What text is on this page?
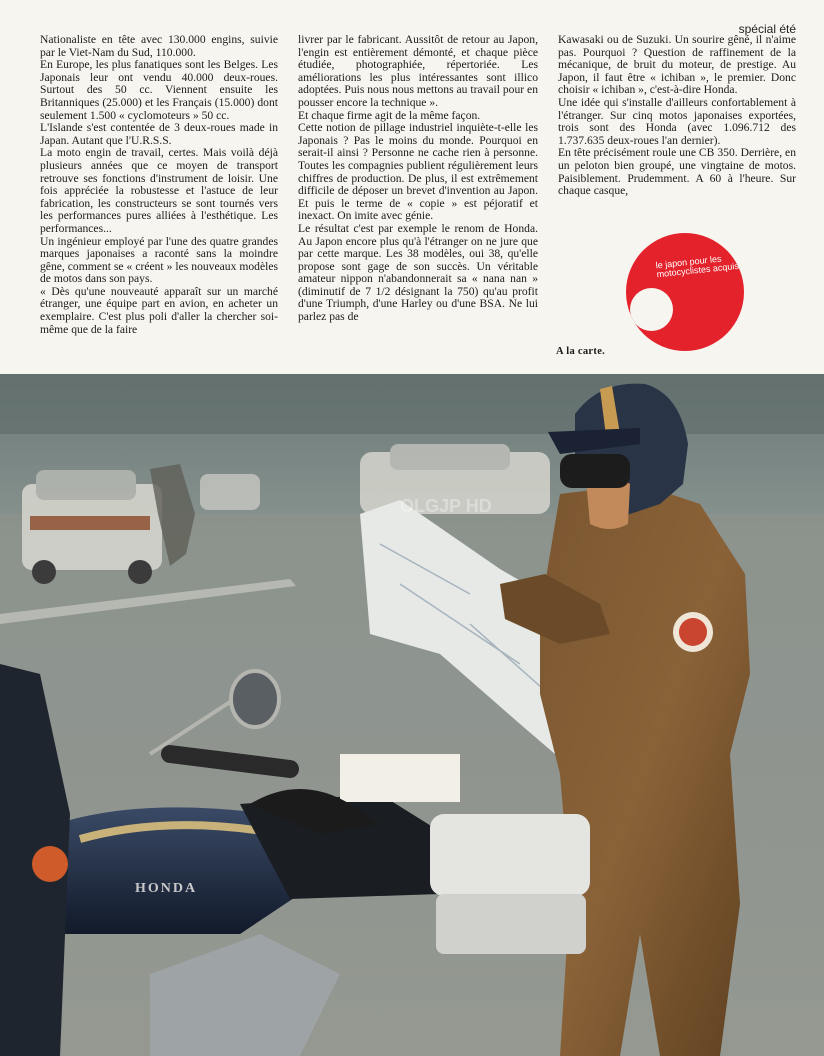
spécial été

Nationaliste en tête avec 130.000 engins, suivie par le Viet-Nam du Sud, 110.000.

En Europe, les plus fanatiques sont les Belges. Les Japonais leur ont vendu 40.000 deux-roues. Surtout des 50 cc. Viennent ensuite les Britanniques (25.000) et les Français (15.000) dont seulement 1.500 « cyclomoteurs » 50 cc.

L'Islande s'est contentée de 3 deux-roues made in Japan. Autant que l'U.R.S.S.

La moto engin de travail, certes. Mais voilà déjà plusieurs années que ce moyen de transport retrouve ses fonctions d'instrument de loisir. Une fois appréciée la robustesse et l'astuce de leur fabrication, les constructeurs se sont tournés vers les performances pures alliées à l'esthétique. Les performances...

Un ingénieur employé par l'une des quatre grandes marques japonaises a raconté sans la moindre gêne, comment se « créent » les nouveaux modèles de motos dans son pays.

« Dès qu'une nouveauté apparaît sur un marché étranger, une équipe part en avion, en acheter un exemplaire. C'est plus poli d'aller la chercher soi-même que de la faire

livrer par le fabricant. Aussitôt de retour au Japon, l'engin est entièrement démonté, et chaque pièce étudiée, photographiée, répertoriée. Les améliorations les plus intéressantes sont illico adoptées. Puis nous nous mettons au travail pour en pousser encore la technique ».

Et chaque firme agit de la même façon.

Cette notion de pillage industriel inquiète-t-elle les Japonais ? Pas le moins du monde. Pourquoi en serait-il ainsi ? Personne ne cache rien à personne. Toutes les compagnies publient régulièrement leurs chiffres de production. De plus, il est extrêmement difficile de déposer un brevet d'invention au Japon. Et puis le terme de « copie » est péjoratif et inexact. On imite avec génie.

Le résultat c'est par exemple le renom de Honda. Au Japon encore plus qu'à l'étranger on ne jure que par cette marque. Les 38 modèles, oui 38, qu'elle propose sont gage de son succès. Un véritable amateur nippon n'abandonnerait sa « nana nan » (diminutif de 7 1/2 désignant la 750) qu'au profit d'une Triumph, d'une Harley ou d'une BSA. Ne lui parlez pas de

Kawasaki ou de Suzuki. Un sourire gêné, il n'aime pas. Pourquoi ? Question de raffinement de la mécanique, de bruit du moteur, de prestige. Au Japon, il faut être « ichiban », le premier. Donc choisir « ichiban », c'est-à-dire Honda.

Une idée qui s'installe d'ailleurs confortablement à l'étranger. Sur cinq motos japonaises exportées, trois sont des Honda (avec 1.096.712 des 1.737.635 deux-roues l'an dernier).

En tête précisément roule une CB 350. Derrière, en un peloton bien groupé, une vingtaine de motos. Paisiblement. Prudemment. A 60 à l'heure. Sur chaque casque,

le japon pour les motocyclistes acquis
A la carte.
HONDA
OLGJP HD
